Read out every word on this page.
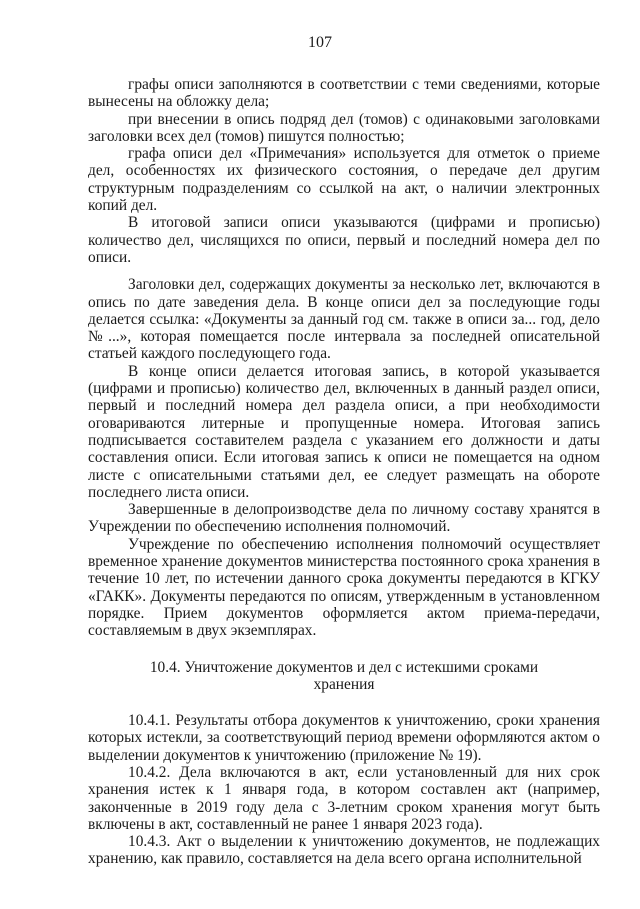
107

графы описи заполняются в соответствии с теми сведениями, которые вынесены на обложку дела;

при внесении в опись подряд дел (томов) с одинаковыми заголовками заголовки всех дел (томов) пишутся полностью;

графа описи дел «Примечания» используется для отметок о приеме дел, особенностях их физического состояния, о передаче дел другим структурным подразделениям со ссылкой на акт, о наличии электронных копий дел.

В итоговой записи описи указываются (цифрами и прописью) количество дел, числящихся по описи, первый и последний номера дел по описи.

Заголовки дел, содержащих документы за несколько лет, включаются в опись по дате заведения дела. В конце описи дел за последующие годы делается ссылка: «Документы за данный год см. также в описи за... год, дело №...», которая помещается после интервала за последней описательной статьей каждого последующего года.

В конце описи делается итоговая запись, в которой указывается (цифрами и прописью) количество дел, включенных в данный раздел описи, первый и последний номера дел раздела описи, а при необходимости оговариваются литерные и пропущенные номера. Итоговая запись подписывается составителем раздела с указанием его должности и даты составления описи. Если итоговая запись к описи не помещается на одном листе с описательными статьями дел, ее следует размещать на обороте последнего листа описи.

Завершенные в делопроизводстве дела по личному составу хранятся в Учреждении по обеспечению исполнения полномочий.

Учреждение по обеспечению исполнения полномочий осуществляет временное хранение документов министерства постоянного срока хранения в течение 10 лет, по истечении данного срока документы передаются в КГКУ «ГАКК». Документы передаются по описям, утвержденным в установленном порядке. Прием документов оформляется актом приема-передачи, составляемым в двух экземплярах.

10.4. Уничтожение документов и дел с истекшими сроками хранения

10.4.1. Результаты отбора документов к уничтожению, сроки хранения которых истекли, за соответствующий период времени оформляются актом о выделении документов к уничтожению (приложение № 19).

10.4.2. Дела включаются в акт, если установленный для них срок хранения истек к 1 января года, в котором составлен акт (например, законченные в 2019 году дела с 3-летним сроком хранения могут быть включены в акт, составленный не ранее 1 января 2023 года).

10.4.3. Акт о выделении к уничтожению документов, не подлежащих хранению, как правило, составляется на дела всего органа исполнительной
